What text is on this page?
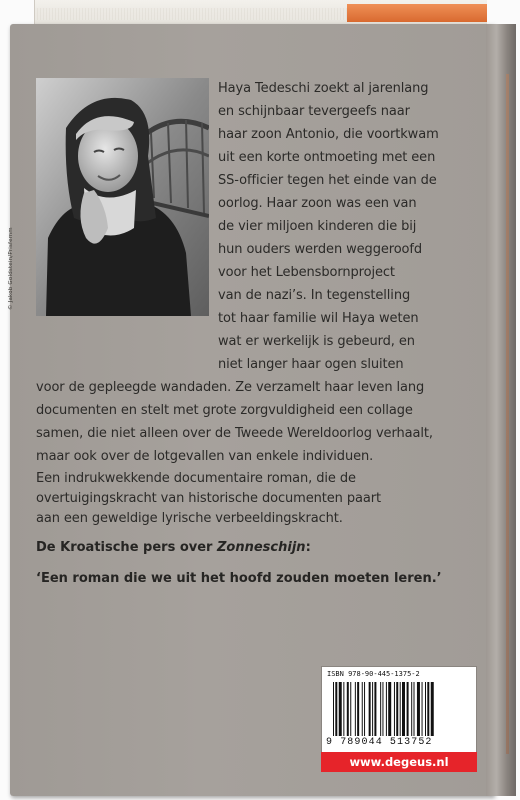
© Jakob Goldstein/Prisfemm
Haya Tedeschi zoekt al jarenlang
en schijnbaar tevergeefs naar
haar zoon Antonio, die voortkwam
uit een korte ontmoeting met een
SS-officier tegen het einde van de
oorlog. Haar zoon was een van
de vier miljoen kinderen die bij
hun ouders werden weggeroofd
voor het Lebensbornproject
van de nazi’s. In tegenstelling
tot haar familie wil Haya weten
wat er werkelijk is gebeurd, en
niet langer haar ogen sluiten
voor de gepleegde wandaden. Ze verzamelt haar leven lang
documenten en stelt met grote zorgvuldigheid een collage
samen, die niet alleen over de Tweede Wereldoorlog verhaalt,
maar ook over de lotgevallen van enkele individuen.
Een indrukwekkende documentaire roman, die de
overtuigingskracht van historische documenten paart
aan een geweldige lyrische verbeeldingskracht.
De Kroatische pers over Zonneschijn:
‘Een roman die we uit het hoofd zouden moeten leren.’
ISBN 978-90-445-1375-2
9 789044 513752
www.degeus.nl
